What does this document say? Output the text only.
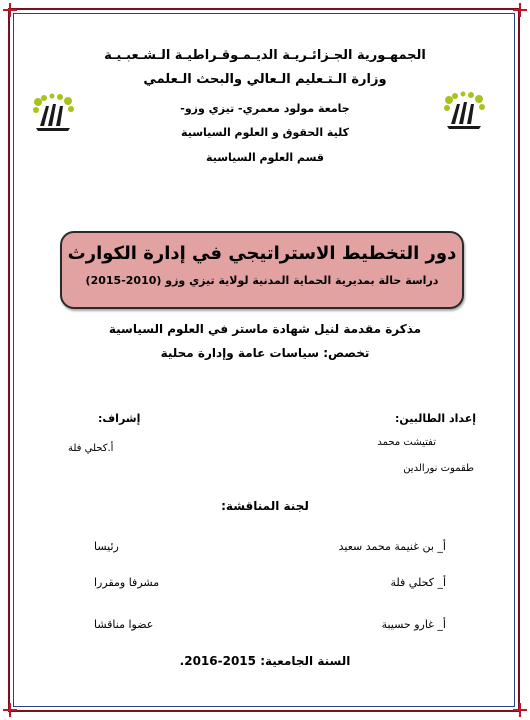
الجمهـورية الجـزائـريـة الديـمـوقـراطيـة الـشـعبـيـة
وزارة الـتـعليم الـعالي والبحث الـعلمي
جامعة مولود معمري- تيزي وزو-
كلية الحقوق و العلوم السياسية
قسم العلوم السياسية
دور التخطيط الاستراتيجي في إدارة الكوارث
دراسة حالة بمديرية الحماية المدنية لولاية تيزي وزو (2010-2015)
مذكرة مقدمة لنيل شهادة ماستر في العلوم السياسية
تخصص: سياسات عامة وإدارة محلية
إعداد الطالبين:
إشراف:
تفتيشت محمد
طقموت نورالدين
أ.كحلي فلة
لجنة المناقشة:
أ_ بن غنيمة محمد سعيد
رئيسا
أ_ كحلي فلة
مشرفا ومقررا
أ_ غارو حسيبة
عضوا مناقشا
السنة الجامعية: 2015-2016.
